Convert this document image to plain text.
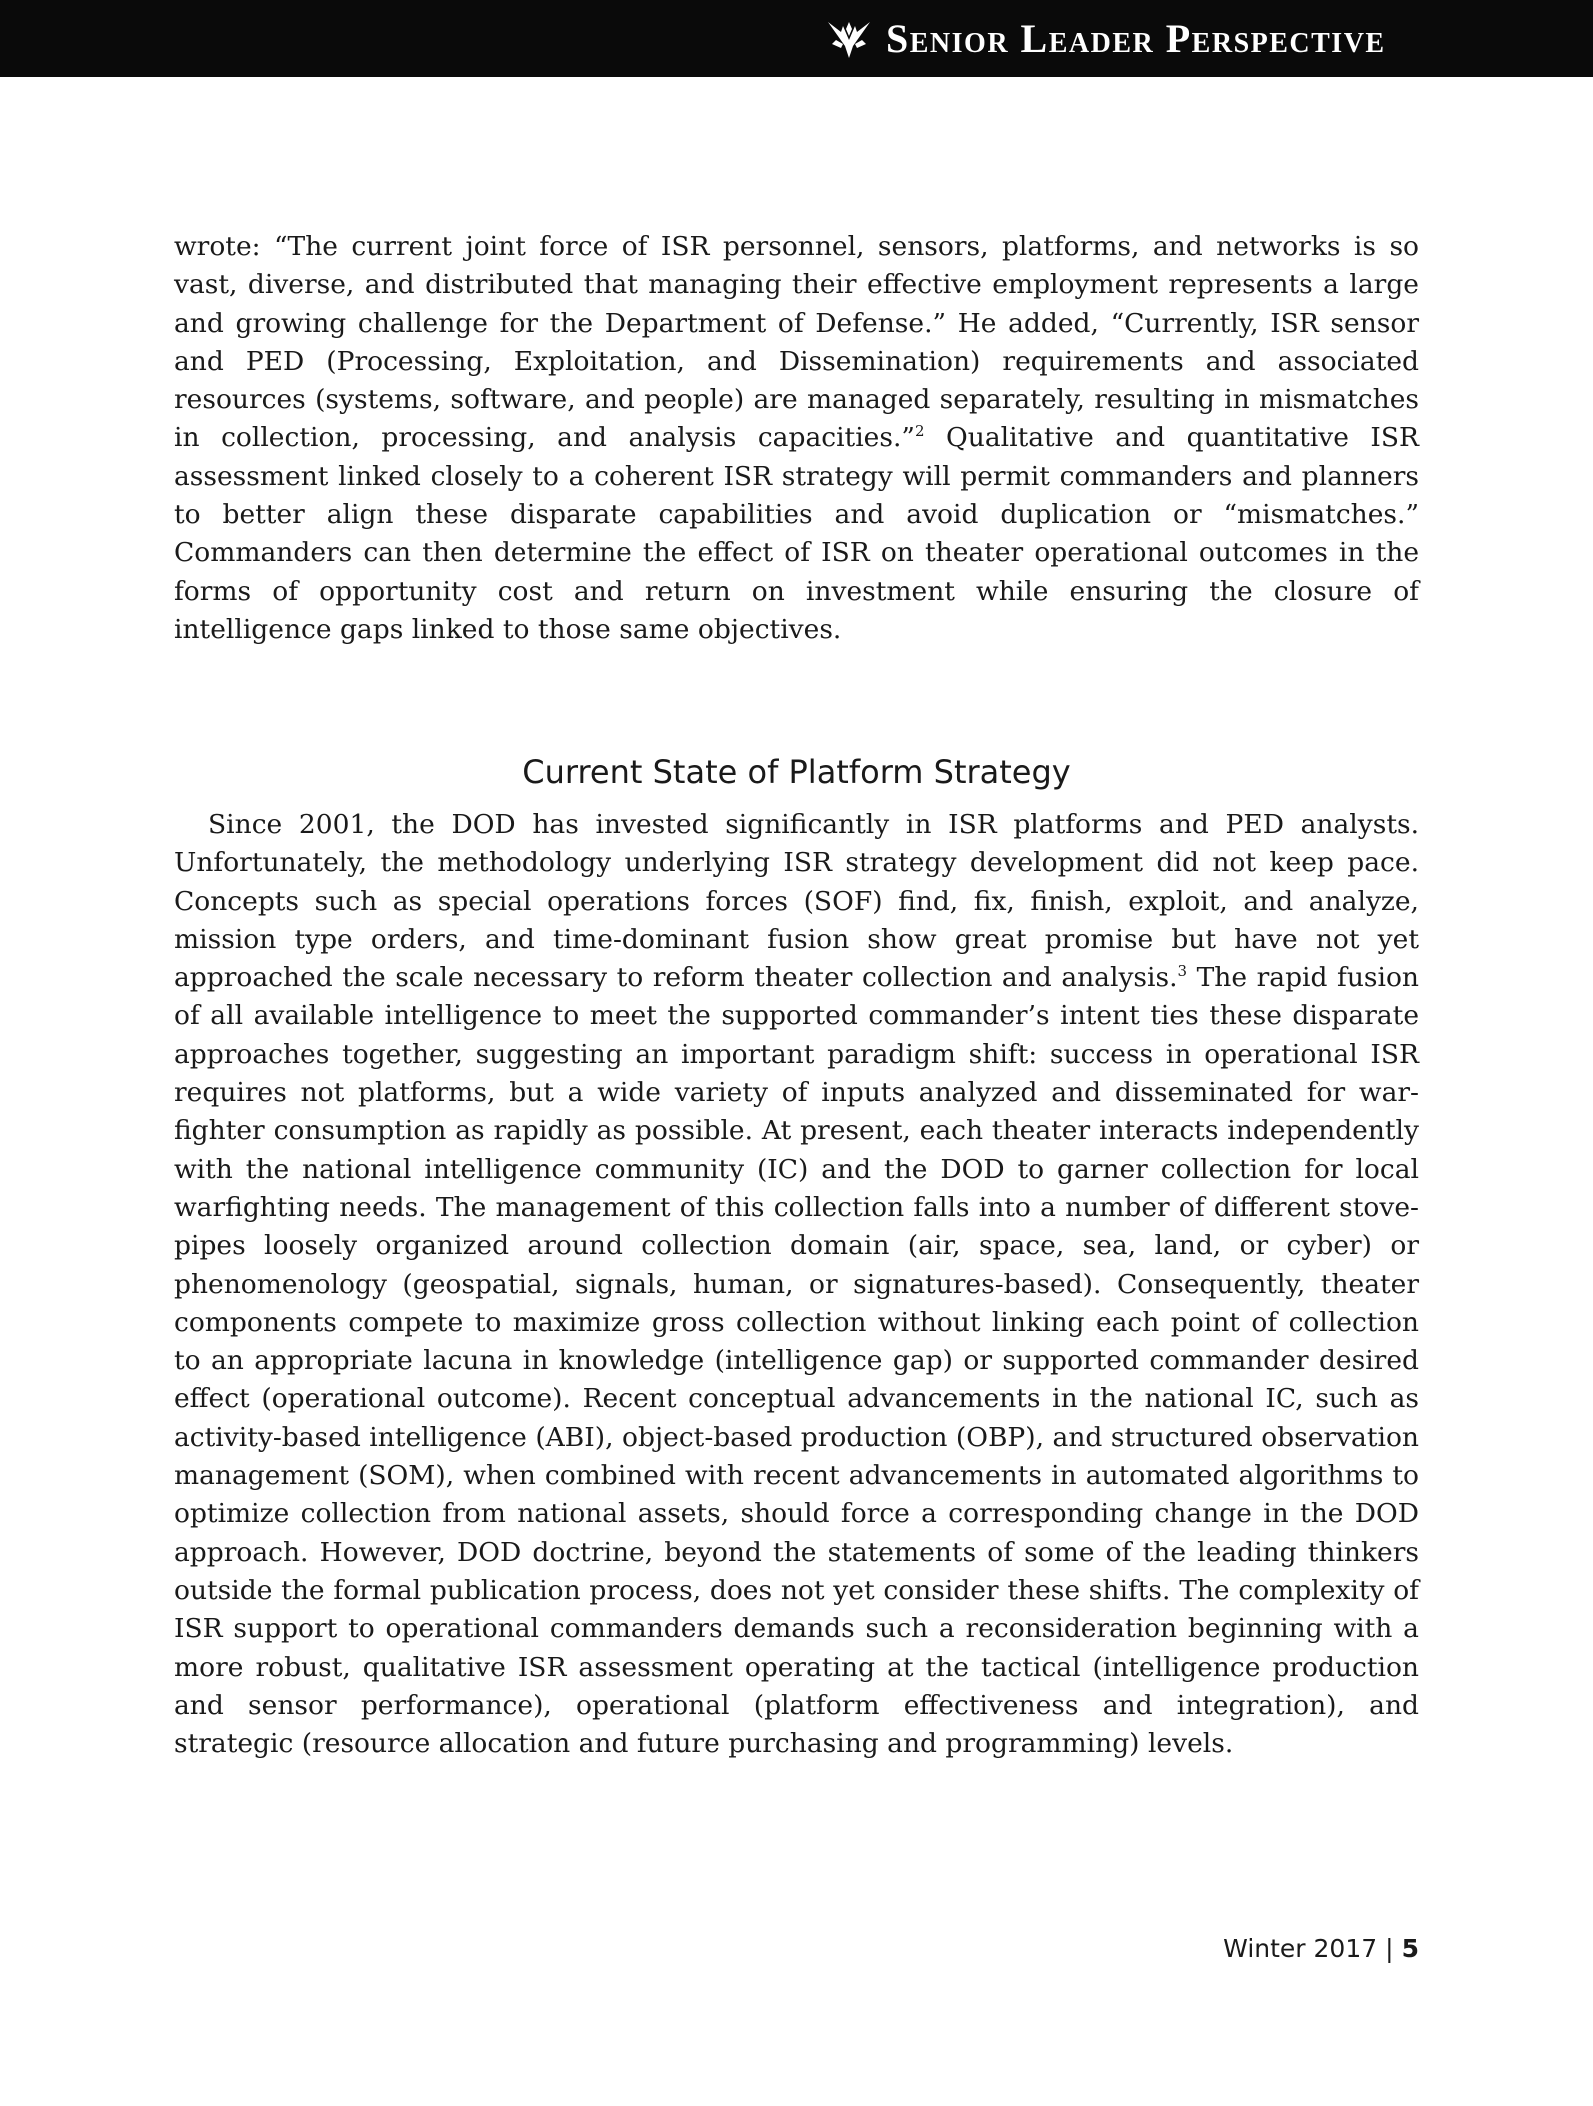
Senior Leader Perspective

wrote: “The current joint force of ISR personnel, sensors, platforms, and networks is so vast, diverse, and distributed that managing their effective employment represents a large and growing challenge for the Department of Defense.” He added, “Currently, ISR sensor and PED (Processing, Exploitation, and Dissemination) requirements and associated resources (systems, software, and people) are managed separately, resulting in mismatches in collection, processing, and analysis capacities.”$^2$ Qualitative and quantitative ISR assessment linked closely to a coherent ISR strategy will permit commanders and planners to better align these disparate capabilities and avoid duplication or “mismatches.” Commanders can then determine the effect of ISR on theater operational outcomes in the forms of opportunity cost and return on investment while ensuring the closure of intelligence gaps linked to those same objectives.

Current State of Platform Strategy

Since 2001, the DOD has invested significantly in ISR platforms and PED analysts. Unfortunately, the methodology underlying ISR strategy development did not keep pace. Concepts such as special operations forces (SOF) find, fix, finish, exploit, and analyze, mission type orders, and time-dominant fusion show great promise but have not yet approached the scale necessary to reform theater collection and analysis.$^3$ The rapid fusion of all available intelligence to meet the supported commander’s intent ties these disparate approaches together, suggesting an important paradigm shift: success in operational ISR requires not platforms, but a wide variety of inputs analyzed and disseminated for war-fighter consumption as rapidly as possible. At present, each theater interacts independently with the national intelligence community (IC) and the DOD to garner collection for local warfighting needs. The management of this collection falls into a number of different stovepipes loosely organized around collection domain (air, space, sea, land, or cyber) or phenomenology (geospatial, signals, human, or signatures-based). Consequently, theater components compete to maximize gross collection without linking each point of collection to an appropriate lacuna in knowledge (intelligence gap) or supported commander desired effect (operational outcome). Recent conceptual advancements in the national IC, such as activity-based intelligence (ABI), object-based production (OBP), and structured observation management (SOM), when combined with recent advancements in automated algorithms to optimize collection from national assets, should force a corresponding change in the DOD approach. However, DOD doctrine, beyond the statements of some of the leading thinkers outside the formal publication process, does not yet consider these shifts. The complexity of ISR support to operational commanders demands such a reconsideration beginning with a more robust, qualitative ISR assessment operating at the tactical (intelligence production and sensor performance), operational (platform effectiveness and integration), and strategic (resource allocation and future purchasing and programming) levels.

Winter 2017 | 5
